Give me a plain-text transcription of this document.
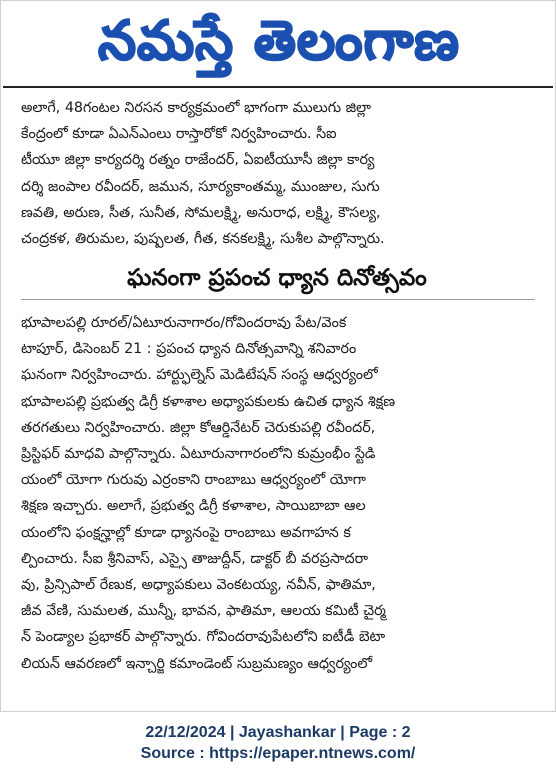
నమస్తే తెలంగాణ
అలాగే, 48గంటల నిరసన కార్యక్రమంలో భాగంగా ములుగు జిల్లా
కేంద్రంలో కూడా ఏఎన్ఎంలు రాస్తారోకో నిర్వహించారు. సీఐ
టీయూ జిల్లా కార్యదర్శి రత్నం రాజేందర్, ఏఐటీయూసీ జిల్లా కార్య
దర్శి జంపాల రవీందర్, జమున, సూర్యకాంతమ్మ, ముంజుల, సుగు
ణవతి, అరుణ, సీత, సునీత, సోమలక్ష్మి, అనురాధ, లక్ష్మి, కౌసల్య,
చంద్రకళ, తిరుమల, పుష్పలత, గీత, కనకలక్ష్మి, సుశీల పాల్గొన్నారు.
ఘనంగా ప్రపంచ ధ్యాన దినోత్సవం
భూపాలపల్లి రూరల్/ఏటూరునాగారం/గోవిందరావు పేట/వెంక
టాపూర్, డిసెంబర్ 21 : ప్రపంచ ధ్యాన దినోత్సవాన్ని శనివారం
ఘనంగా నిర్వహించారు. హార్ట్ఫుల్నెస్ మెడిటేషన్ సంస్థ ఆధ్వర్యంలో
భూపాలపల్లి ప్రభుత్వ డిగ్రీ కళాశాల అధ్యాపకులకు ఉచిత ధ్యాన శిక్షణ
తరగతులు నిర్వహించారు. జిల్లా కోఆర్డినేటర్ చెరుకుపల్లి రవీందర్,
ప్రిస్టిఫర్ మాధవి పాల్గొన్నారు. ఏటూరునాగారంలోని కుమ్రంభీం స్టేడి
యంలో యోగా గురువు ఎర్రంకాని రాంబాబు ఆధ్వర్యంలో యోగా
శిక్షణ ఇచ్చారు. అలాగే, ప్రభుత్వ డిగ్రీ కళాశాల, సాయిబాబా ఆల
యంలోని ఫంక్షన్హాల్లో కూడా ధ్యానంపై రాంబాబు అవగాహన క
ల్పించారు. సీఐ శ్రీనివాస్, ఎస్సై తాజుద్దీన్, డాక్టర్ బీ వరప్రసాదరా
వు, ప్రిన్సిపాల్ రేణుక, అధ్యాపకులు వెంకటయ్య, నవీన్, ఫాతిమా,
జీవ వేణి, సుమలత, మున్నీ, భావన, ఫాతిమా, ఆలయ కమిటీ చైర్మ
న్ పెండ్యాల ప్రభాకర్ పాల్గొన్నారు. గోవిందరావుపేటలోని ఐటీడీ బెటా
లియన్ ఆవరణలో ఇన్చార్జి కమాండెంట్ సుబ్రమణ్యం ఆధ్వర్యంలో
22/12/2024 | Jayashankar | Page : 2
Source : https://epaper.ntnews.com/
